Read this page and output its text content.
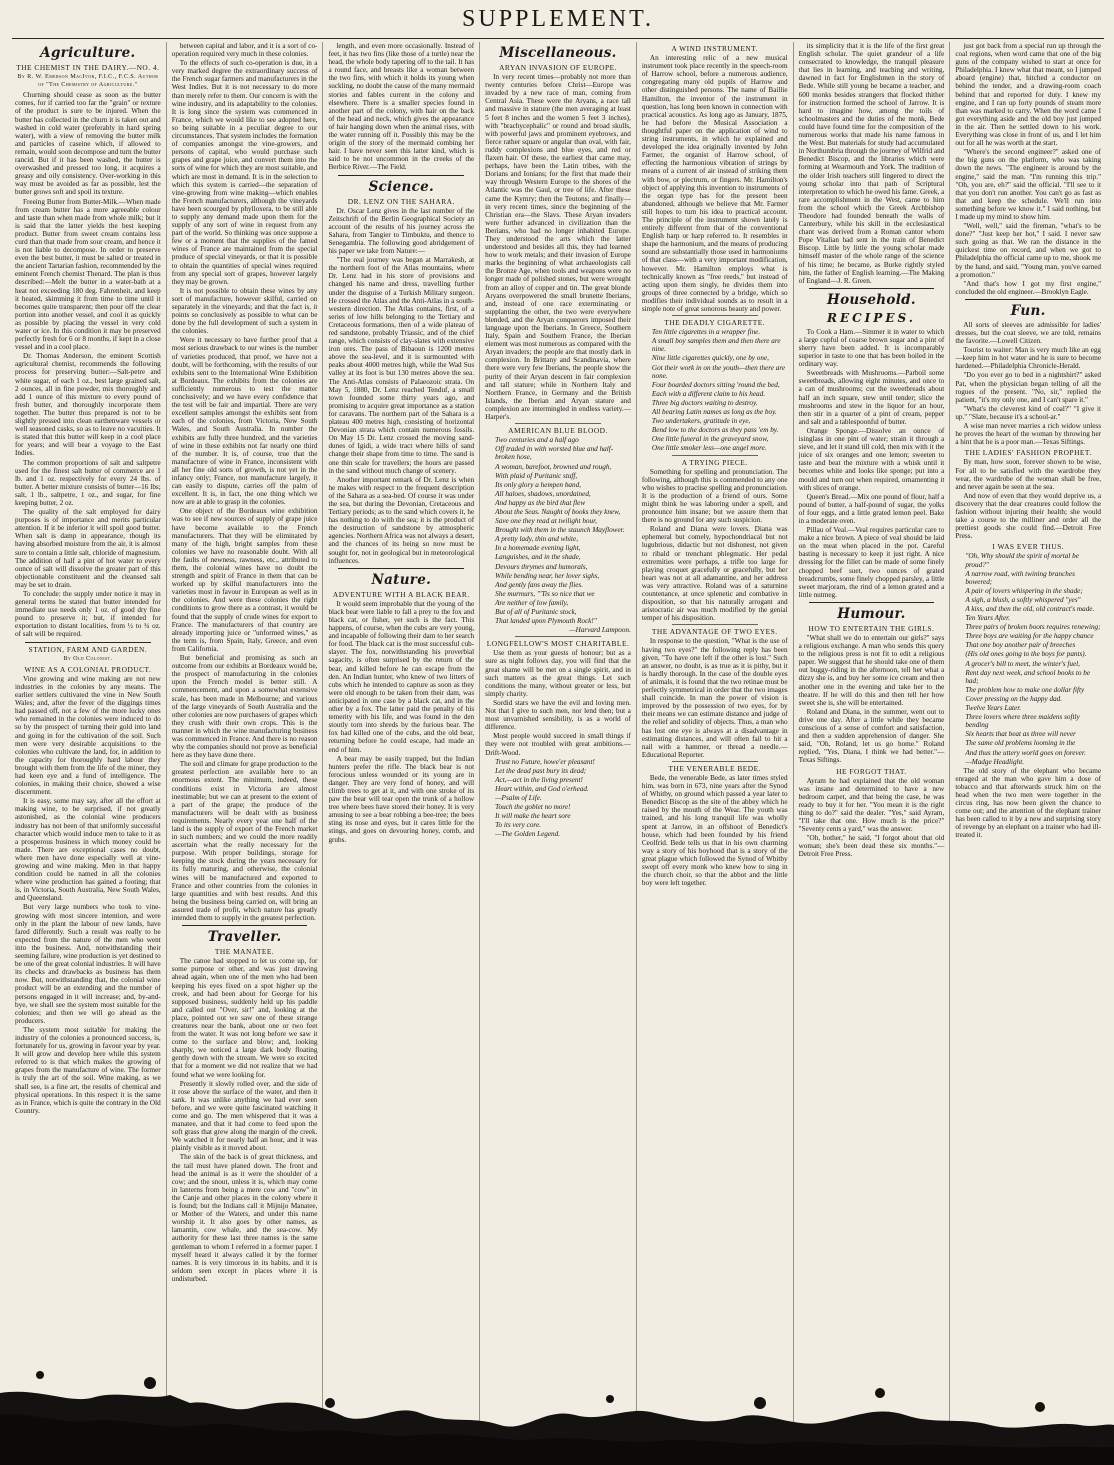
SUPPLEMENT.
Agriculture.
THE CHEMIST IN THE DAIRY.—NO. 4.
By R. W. Emerson MacIvor, F.I.C., F.C.S. Author of "The Chemistry of Agriculture."

Churning should cease as soon as the butter comes, for if carried too far the "grain" or texture of the product is sure to be injured. When the butter has collected in the churn it is taken out and washed in cold water (preferably in hard spring water), with a view of removing the butter milk and particles of caseine which, if allowed to remain, would soon decompose and turn the butter rancid. But if it has been washed, the butter is overwashed and pressed too long, it acquires a greasy and oily consistency. Over-working in this way must be avoided as far as possible, lest the butter grows soft and spoil its texture.

Freeing Butter from Butter-Milk.—When made from cream butter has a more agreeable colour and taste than when made from whole milk; but it is said that the latter yields the best keeping product. Butter from sweet cream contains less curd than that made from sour cream, and hence it is not liable to decompose. In order to preserve even the best butter, it must be salted or treated in the ancient Tartarian fashion, recommended by the eminent French chemist Thenard. The plan is thus described:—Melt the butter in a water-bath at a heat not exceeding 180 deg. Fahrenheit, and keep it heated, skimming it from time to time until it becomes quite transparent; then pour off the clear portion into another vessel, and cool it as quickly as possible by placing the vessel in very cold water or ice. In this condition it may be preserved perfectly fresh for 6 or 8 months, if kept in a close vessel and in a cool place.

Dr. Thomas Anderson, the eminent Scottish agricultural chemist, recommends the following process for preserving butter:—Salt-petre and white sugar, of each 1 oz., best large grained salt, 2 ounces, all in fine powder, mix thoroughly and add 1 ounce of this mixture to every pound of fresh butter, and thoroughly incorporate them together. The butter thus prepared is not to be slightly pressed into clean earthenware vessels or well seasoned casks, so as to leave no vacuities. It is stated that this butter will keep in a cool place for years; and will bear a voyage to the East Indies.

The common proportions of salt and saltpetre used for the finest salt butter of commerce are 1 lb. and 1 oz. respectively for every 24 lbs. of butter. A better mixture consists of butter—16 lbs; salt, 1 lb., saltpetre, 1 oz., and sugar, for fine keeping butter, 2 oz.

The quality of the salt employed for dairy purposes is of importance and merits particular attention. If it be inferior it will spoil good butter. When salt is damp in appearance, though its having absorbed moisture from the air, it is almost sure to contain a little salt, chloride of magnesium. The addition of half a pint of hot water to every ounce of salt will dissolve the greater part of this objectionable constituent and the cleansed salt may be set to drain.

To conclude: the supply under notice it may in general terms be stated that butter intended for immediate use needs only 1 oz. of good dry fine pound to preserve it; but, if intended for exportation to distant localities, from ½ to ¾ oz. of salt will be required.

STATION, FARM AND GARDEN.
By Old Colonist.
WINE AS A COLONIAL PRODUCT.

Vine growing and wine making are not new industries in the colonies by any means. The earlier settlers cultivated the vine in New South Wales; and, after the fever of the diggings times had passed off, not a few of the more lucky ones who remained in the colonies were induced to do so by the prospect of turning their gold into land and going in for the cultivation of the soil. Such men were very desirable acquisitions to the colonies who cultivate the land, for, in addition to the capacity for thoroughly hard labour they brought with them from the life of the miner, they had keen eye and a fund of intelligence. The colonies, in making their choice, showed a wise discernment.

It is easy, some may say, after all the effort at making wine, to be surprised, if not greatly astonished, as the colonial wine producers industry has not been of that uniformly successful character which would induce men to take to it as a prosperous business in which money could be made. There are exceptional cases no doubt, where men have done especially well at vine-growing and wine making. Men in that happy condition could be named in all the colonies where wine production has gained a footing; that is, in Victoria, South Australia, New South Wales, and Queensland.

But very large numbers who took to vine-growing with most sincere intention, and were only in the plant the labour of new lands, have fared differently. Such a result was really to be expected from the nature of the men who went into the business. And, notwithstanding their seeming failure, wine production is yet destined to be one of the great colonial industries. It will have its checks and drawbacks as business has them now. But, notwithstanding that, the colonial wine product will be an extending and the number of persons engaged in it will increase; and, by-and-bye, we shall see the system most suitable for the colonies; and then we will go ahead as the producers.

The system most suitable for making the industry of the colonies a pronounced success, is, fortunately for us, growing in favour year by year. It will grow and develop here while this system referred to is that which makes the growing of grapes from the manufacture of wine. The former is truly the art of the soil. Wine making, as we shall see, is a fine art, the results of chemical and physical operations. In this respect it is the same as in France, which is quite the contrary in the Old Country.

between capital and labor, and it is a sort of co-operation required very much in these colonies.

To the effects of such co-operation is due, in a very marked degree the extraordinary success of the French sugar farmers and manufacturers in the West Indies. But it is not necessary to do more than merely refer to them. Our concern is with the wine industry, and its adaptability to the colonies. It is long since the system was commenced in France, which we would like to see adopted here, so being suitable in a peculiar degree to our circumstances. That system includes the formation of companies amongst the vine-growers, and persons of capital, who would purchase such grapes and grape juice, and convert them into the sorts of wine for which they are most suitable, and which are most in demand. It is in the selection to which this system is carried—the separation of vine-growing from wine making—which enables the French manufacturers, although the vineyards have been scourged by phylloxera, to be still able to supply any demand made upon them for the supply of any sort of wine in request from any part of the world. So thinking was once suppose a few or a moment that the supplies of the famed wines of France are maintained from the special produce of special vineyards, or that it is possible to obtain the quantities of special wines required from any special sort of grapes, however largely they may be grown.

It is not possible to obtain these wines by any sort of manufacture, however skilful, carried on separately in the vineyards; and that the fact is, it points so conclusively as possible to what can be done by the full development of such a system in the colonies.

Were it necessary to have further proof that a most serious drawback to our wines is the number of varieties produced, that proof, we have not a doubt, will be forthcoming, with the results of our exhibits sent to the International Wine Exhibition at Bordeaux. The exhibits from the colonies are sufficiently numerous to test the matter conclusively; and we have every confidence that the test will be fair and impartial. There are very excellent samples amongst the exhibits sent from each of the colonies, from Victoria, New South Wales, and South Australia. In number the exhibits are fully three hundred, and the varieties of wine in these exhibits not far nearly one third of the number. It is, of course, true that the manufacture of wine in France, inconsistent with all her fine old sorts of growth, is not yet in the infancy only; France, not manufacture largely, it can easily to dispute, carries off the palm of excellent. It is, in fact, the one thing which we now are at able to grasp in the colonies.

One object of the Bordeaux wine exhibition was to see if new sources of supply of grape juice have become available to the French manufacturers. That they will be eliminated by many of the high, bright samples from these colonies we have no reasonable doubt. With all the faults of newness, rawness, etc., attributed to them, the colonial wines have no doubt the strength and spirit of France in them that can be worked up by skilful manufacturers into the varieties most in favour in European as well as in the colonies. And were these colonies the right conditions to grow there as a contrast, it would be found that the supply of crude wines for export to France. The manufacturers of that country are already importing juice or "unformed wines," as the term is, from Spain, Italy, Greece, and even from California.

But beneficial and promising as such an outcome from our exhibits at Bordeaux would be, the prospect of manufacturing in the colonies upon the French model is better still. A commencement, and upon a somewhat extensive scale, has been made in Melbourne; and various of the large vineyards of South Australia and the other colonies are now purchasers of grapes which they crush with their own crops. This is the manner in which the wine manufacturing business was commenced in France. And there is no reason why the companies should not prove as beneficial here as they have done there.

The soil and climate for grape production to the greatest perfection are available here to an enormous extent. The minimum, indeed, these conditions exist in Victoria are almost inestimable; but we can at present to the extent of a part of the grape; the produce of the manufacturers will be dealt with as business requirements. Nearly every year one half of the land is the supply of export of the French market in such numbers; and we could the more readily ascertain what the really necessary for the purpose. With proper buildings, storage for keeping the stock during the years necessary for its fully maturing, and otherwise, the colonial wines will be manufactured and exported to France and other countries from the colonies in large quantities and with best results. And this being the business being carried on, will bring an assured trade of profit, which nature has greatly intended them to supply in the greatest perfection.

Traveller.
THE MANATEE.

The canoe had stopped to let us come up, for some purpose or other, and was just drawing ahead again, when one of the men who had been keeping his eyes fixed on a spot higher up the creek, and had been about for George for his supposed business, suddenly held up his paddle and called out "Over, sir!" and, looking at the place, pointed out we saw one of these strange creatures near the bank, about one or two feet from the water. It was not long before we saw it come to the surface and blow; and, looking sharply, we noticed a large dark body floating gently down with the stream. We were so excited that for a moment we did not realize that we had found what we were looking for.

Presently it slowly rolled over, and the side of it rose above the surface of the water, and then it sank. It was unlike anything we had ever seen before, and we were quite fascinated watching it come and go. The men whispered that it was a manatee, and that it had come to feed upon the soft grass that grew along the margin of the creek. We watched it for nearly half an hour, and it was plainly visible as it moved about.

The skin of the back is of great thickness, and the tail must have planed down. The front and head the animal is as it were the shoulder of a cow; and the snout, unless it is, which may come in lanterns from being a mere cow and "cow" in the Canje and other places in the colony where it is found; but the Indians call it Mijnijo Manatee, or Mother of the Waters, and under this name worship it. It also goes by other names, as lamantin, cow whale, and the sea-cow. My authority for these last three names is the same gentleman to whom I referred in a former paper. I myself heard it always called it by the former names. It is very timorous in its habits, and it is seldom seen except in places where it is undisturbed.

length, and even more occasionally. Instead of feet, it has two fins (like those of a turtle) near the head, the whole body tapering off to the tail. It has a round face, and breasts like a woman between the two fins, with which it holds its young when suckling, no doubt the cause of the many mermaid stories and fables current in the colony and elsewhere. There is a smaller species found in another part of the colony, with hair on the back of the head and neck, which gives the appearance of hair hanging down when the animal rises, with the water running off it. Possibly this may be the origin of the story of the mermaid combing her hair. I have never seen this latter kind, which is said to be not uncommon in the creeks of the Berbice River.—The Field.

Science.
DR. LENZ ON THE SAHARA.

Dr. Oscar Lenz gives in the last number of the Zeitschrift of the Berlin Geographical Society an account of the results of his journey across the Sahara, from Tangier to Timbuktu, and thence to Senegambia. The following good abridgement of his paper we take from Nature:—

"The real journey was began at Marrakesh, at the northern foot of the Atlas mountains, where Dr. Lenz had in his store of provisions and changed his name and dress, travelling further under the disguise of a Turkish Military surgeon. He crossed the Atlas and the Anti-Atlas in a south-western direction. The Atlas contains, first, of a series of low hills belonging to the Tertiary and Cretaceous formations, then of a wide plateau of red sandstone, probably Triassic, and of the chief range, which consists of clay-slates with extensive iron ores. The pass of Bibaoun is 1200 metres above the sea-level, and it is surmounted with peaks about 4000 metres high, while the Wad Sus valley at its foot is but 130 metres above the sea. The Anti-Atlas consists of Palaeozoic strata. On May 5, 1880, Dr. Lenz reached Tenduf, a small town founded some thirty years ago, and promising to acquire great importance as a station for caravans. The northern part of the Sahara is a plateau 400 metres high, consisting of horizontal Devonian strata which contain numerous fossils. On May 15 Dr. Lenz crossed the moving sand-dunes of Igidi, a wide tract where hills of sand change their shape from time to time. The sand is one thin scale for travellers; the hours are passed in the sand without much change of scenery.

Another important remark of Dr. Lenz is when he makes with respect to the frequent description of the Sahara as a sea-bed. Of course it was under the sea, but during the Devonian, Cretaceous and Tertiary periods; as to the sand which covers it, he has nothing to do with the sea; it is the product of the destruction of sandstone by atmospheric agencies. Northern Africa was not always a desert, and the chances of its being so now must be sought for, not in geological but in meteorological influences.

Nature.
ADVENTURE WITH A BLACK BEAR.

It would seem improbable that the young of the black bear were liable to fall a prey to the fox and black cat, or fisher, yet such is the fact. This happens, of course, when the cubs are very young, and incapable of following their dam to her search for food. The black cat is the most successful cub-slayer. The fox, notwithstanding his proverbial sagacity, is often surprised by the return of the bear, and killed before he can escape from the den. An Indian hunter, who knew of two litters of cubs which he intended to capture as soon as they were old enough to be taken from their dam, was anticipated in one case by a black cat, and in the other by a fox. The latter paid the penalty of his temerity with his life, and was found in the den stoutly torn into shreds by the furious bear. The fox had killed one of the cubs, and the old bear, returning before he could escape, had made an end of him.

A bear may be easily trapped, but the Indian hunters prefer the rifle. The black bear is not ferocious unless wounded or its young are in danger. They are very fond of honey, and will climb trees to get at it, and with one stroke of its paw the bear will tear open the trunk of a hollow tree where bees have stored their honey. It is very amusing to see a bear robbing a bee-tree; the bees sting its nose and eyes, but it cares little for the stings, and goes on devouring honey, comb, and grubs.

Miscellaneous.
ARYAN INVASION OF EUROPE.

In very recent times—probably not more than twenty centuries before Christ—Europe was invaded by a new race of man, coming from Central Asia. These were the Aryans, a race tall and massive in stature (the men averaging at least 5 feet 8 inches and the women 5 feet 3 inches), with "brachycephalic" or round and broad skulls, with powerful jaws and prominent eyebrows, and fierce rather square or angular than oval, with fair, ruddy complexions and blue eyes, and red or flaxen hair. Of these, the earliest that came may, perhaps, have been the Latin tribes, with the Dorians and Ionians; for the first that made their way through Western Europe to the shores of the Atlantic was the Gaul, or tree of life. After these came the Kymry; then the Teutons; and finally—in very recent times, since the beginning of the Christian era—the Slavs. These Aryan invaders were further advanced in civilization than the Iberians, who had no longer inhabited Europe. They understood the arts which the latter understood and besides all this, they had learned how to work metals; and their invasion of Europe marks the beginning of what archaeologists call the Bronze Age, when tools and weapons were no longer made of polished stones, but were wrought from an alloy of copper and tin. The great blonde Aryans overpowered the small brunette Iberians, and, instead of one race exterminating or supplanting the other, the two were everywhere blended, and the Aryan conquerors imposed their language upon the Iberians. In Greece, Southern Italy, Spain and Southern France, the Iberian element was most numerous as compared with the Aryan invaders; the people are that mostly dark in complexion. In Brittany and Scandinavia, where there were very few Iberians, the people show the purity of their Aryan descent in fair complexion and tall stature; while in Northern Italy and Northern France, in Germany and the British Islands, the Iberian and Aryan stature and complexion are intermingled in endless variety.—Harper's.

AMERICAN BLUE BLOOD.

Two centuries and a half ago

Off traded in with worsted blue and half-broken hose,

A woman, barefoot, browned and rough,

With plaid of Puritanic stuff,

Its only glory a hempen band,

All haloes, shadows, unordained,

And happy as the bird that flew

About the Seas. Naught of books they knew,

Save one they read at twilight hour,

Brought with them in the staunch Mayflower.

A pretty lady, thin and white,

In a homemade evening light,

Languishes, and in the shade,

Devours thrymes and humorals,

While bending near, her lover sighs,

And gently fans away the flies.

She murmurs, "'Tis so nice that we

Are neither of low family,

But of all of Puritanic stock,

That landed upon Plymouth Rock!"

—Harvard Lampoon.
LONGFELLOW'S MOST CHARITABLE.

Use them as your guests of honour; but as a sure as night follows day, you will find that the great shame will be met on a single spirit, and in such matters as the great things. Let such conditions the many, without greater or less, but simply charity.

Sordid stars we have the evil and loving men. Not that I give to such men, nor lend then; but a most unvarnished sensibility, is as a world of difference.

Most people would succeed in small things if they were not troubled with great ambitions.—Drift-Wood.

Trust no Future, howe'er pleasant!

Let the dead past bury its dead;

Act,—act in the living present!

Heart within, and God o'erhead.

—Psalm of Life.

Touch the goblet no more!

It will make the heart sore

To its very core.

—The Golden Legend.

A WIND INSTRUMENT.

An interesting relic of a new musical instrument took place recently in the speech-room of Harrow school, before a numerous audience, congregating many old pupils of Harrow and other distinguished persons. The name of Baillie Hamilton, the inventor of the instrument in question, has long been known in connection with practical acoustics. As long ago as January, 1875, he had before the Musical Association a thoughtful paper on the application of wind to string instruments, in which he explained and developed the idea originally invented by John Farmer, the organist of Harrow school, of effecting the harmonious vibration of strings by means of a current of air instead of striking them with bow, or plectrum, or fingers. Mr. Hamilton's object of applying this invention to instruments of the organ type has for the present been abandoned, although we believe that Mr. Farmer still hopes to turn his idea to practical account. The principle of the instrument shown lately is entirely different from that of the conventional English harp or harp referred to. It resembles in shape the harmonium, and the means of producing sound are substantially those used in harmoniums of that class—with a very important modification, however. Mr. Hamilton employs what is technically known as "free reeds," but instead of acting upon them singly, he divides them into groups of three connected by a bridge, which so modifies their individual sounds as to result in a simple note of great sonorous beauty and power.

THE DEADLY CIGARETTE.

Ten little cigarettes in a wrapper fine.

A small boy samples them and then there are nine.

Nine little cigarettes quickly, one by one,

Got their work in on the youth—then there are none.

Four boarded doctors sitting 'round the bed,

Each with a different claim to his head.

Three big doctors waiting to destroy.

All bearing Latin names as long as the boy.

Two undertakers, gratitude in eye,

Bend low to the doctors as they pass 'em by.

One little funeral in the graveyard snow,

One little smoker less—one angel more.

A TRYING PIECE.

Something for spelling and pronunciation. The following, although this is commended to any one who wishes to practise spelling and pronunciation. It is the production of a friend of ours. Some might think he was laboring under a spell, and pronounce him insane; but we assure them that there is no ground for any such suspicion.

Roland and Diana were lovers. Diana was ephemeral but comely, hypochondriacal but not lugubrious, didactic but not dishonest, not given to ribald or trenchant phlegmatic. Her pedal extremities were perhaps, a trifle too large for playing croquet gracefully or gracefully, but her heart was not at all adamantine, and her address was very attractive. Roland was of a saturnine countenance, at once splenetic and combative in disposition, so that his naturally arrogant and aristocratic air was much modified by the genial temper of his disposition.

THE ADVANTAGE OF TWO EYES.

In response to the question, "What is the use of having two eyes?" the following reply has been given, "To have one left if the other is lost." Such an answer, no doubt, is as true as it is pithy, but it is hardly thorough. In the case of the double eyes of animals, it is found that the two retinae must be perfectly symmetrical in order that the two images shall coincide. In man the power of vision is improved by the possession of two eyes, for by their means we can estimate distance and judge of the relief and solidity of objects. Thus, a man who has lost one eye is always at a disadvantage in estimating distances, and will often fail to hit a nail with a hammer, or thread a needle.—Educational Reporter.

THE VENERABLE BEDE.

Bede, the venerable Bede, as later times styled him, was born in 673, nine years after the Synod of Whitby, on ground which passed a year later to Benedict Biscop as the site of the abbey which he raised by the mouth of the Wear. The youth was trained, and his long tranquil life was wholly spent at Jarrow, in an offshoot of Benedict's house, which had been founded by his friend Ceolfrid. Bede tells us that in his own charming way a story of his boyhood that is a story of the great plague which followed the Synod of Whitby swept off every monk who knew how to sing in the church choir, so that the abbot and the little boy were left together.

its simplicity that it is the life of the first great English scholar. The quiet grandeur of a life consecrated to knowledge, the tranquil pleasure that lies in learning, and teaching and writing, dawned in fact for Englishmen in the story of Bede. While still young he became a teacher, and 600 monks besides strangers that flocked thither for instruction formed the school of Jarrow. It is hard to imagine how, among the toils of schoolmasters and the duties of the monk, Bede could have found time for the composition of the numerous works that made his name famous in the West. But materials for study had accumulated in Northumbria through the journey of Wilfrid and Benedict Biscop, and the libraries which were forming at Wearmouth and York. The tradition of the older Irish teachers still lingered to direct the young scholar into that path of Scriptural interpretation to which he owed his fame. Greek, a rare accomplishment in the West, came to him from the school which the Greek Archbishop Theodore had founded beneath the walls of Canterbury, while his skill in the ecclesiastical chant was derived from a Roman cantor whom Pope Vitalian had sent in the train of Benedict Biscop. Little by little the young scholar made himself master of the whole range of the science of his time; he became, as Burke rightly styled him, the father of English learning.—The Making of England—J. R. Green.

Household.
RECIPES.

To Cook a Ham.—Simmer it in water to which a large cupful of coarse brown sugar and a pint of sherry have been added. It is incomparably superior in taste to one that has been boiled in the ordinary way.

Sweetbreads with Mushrooms.—Parboil some sweetbreads, allowing eight minutes, and once to a can of mushrooms; cut the sweetbreads about half an inch square, stew until tender; slice the mushrooms and stew in the liquor for an hour, then stir in a quarter of a pint of cream, pepper and salt and a tablespoonful of butter.

Orange Sponge.—Dissolve an ounce of isinglass in one pint of water; strain it through a sieve, and let it stand till cold, then mix with it the juice of six oranges and one lemon; sweeten to taste and beat the mixture with a whisk until it becomes white and looks like sponge; put into a mould and turn out when required, ornamenting it with slices of orange.

Queen's Bread.—Mix one pound of flour, half a pound of butter, a half-pound of sugar, the yolks of four eggs, and a little grated lemon peel. Bake in a moderate oven.

Pillau of Veal.—Veal requires particular care to make a nice brown. A piece of veal should be laid on the meat when placed in the pot. Careful basting is necessary to keep it just right. A nice dressing for the fillet can be made of some finely chopped beef suet, two ounces of grated breadcrumbs, some finely chopped parsley, a little sweet marjoram, the rind of a lemon grated and a little nutmeg.

Humour.
HOW TO ENTERTAIN THE GIRLS.

"What shall we do to entertain our girls?" says a religious exchange. A man who sends this query to the religious press is not fit to edit a religious paper. We suggest that he should take one of them out buggy-riding in the afternoon, tell her what a dizzy she is, and buy her some ice cream and then another one in the evening and take her to the theatre. If he will do this and then tell her how sweet she is, she will be entertained.

Roland and Diana, in the summer, went out to drive one day. After a little while they became conscious of a sense of comfort and satisfaction, and then a sudden apprehension of danger. She said, "Oh, Roland, let us go home." Roland replied, "Yes, Diana, I think we had better."—Texas Siftings.

HE FORGOT THAT.

Ayram he had explained that the old woman was insane and determined to have a new bedroom carpet, and that being the case, he was ready to buy it for her. "You mean it is the right thing to do?" said the dealer. "Yes," said Ayram, "I'll take that one. How much is the price?" "Seventy cents a yard," was the answer.

"Oh, bother," he said, "I forgot about that old woman; she's been dead these six months."—Detroit Free Press.

just got back from a special run up through the coal regions, when word came that one of the big guns of the company wished to start at once for Philadelphia. I knew what that meant, so I jumped aboard (engine) that, hitched a conductor on behind the tender, and a drawing-room coach behind that and reported for duty. I knew my engine, and I ran up forty pounds of steam more than was marked to carry. When the word came I got everything aside and the old boy just jumped in the air. Then he settled down to his work. Everything was close in front of us, and I let him out for all he was worth at the start.

"Where's the second engineer?" asked one of the big guns on the platform, who was taking down the news. "The engineer is around by the engine," said the man. "I'm running this trip." "Oh, you are, eh?" said the official. "I'll see to it that you don't run another. You can't go as fast as that and keep the schedule. We'll run into something before we know it." I said nothing, but I made up my mind to show him.

"Well, well," said the fireman, "what's to be done?" "Just keep her hot," I said. I never saw such going as that. We ran the distance in the quickest time on record, and when we got to Philadelphia the official came up to me, shook me by the hand, and said, "Young man, you've earned a promotion."

"And that's how I got my first engine," concluded the old engineer.—Brooklyn Eagle.

Fun.

All sorts of sleeves are admissible for ladies' dresses, but the coat sleeve, we are told, remains the favorite.—Lowell Citizen.

Tourist to waiter: Man is very much like an egg—keep him in hot water and he is sure to become hardened.—Philadelphia Chronicle-Herald.

"Do you ever go to bed in a nightshirt?" asked Pat, when the physician began telling of all the rogues of the present. "No, sir," replied the patient, "it's my only one, and I can't spare it."

"What's the cleverest kind of coal?" "I give it up." "Slate, because it's a school-ar."

A wise man never marries a rich widow unless he proves the heart of the woman by throwing her a hint that he is a poor man.—Texas Siftings.

THE LADIES' FASHION PROPHET.

By man, how soon, forever shown to be wise, For all to be satisfied with the wardrobe they wear, the wardrobe of the woman shall be free, and never again be seen at the sea.

And now of even that they would deprive us, a discovery that the dear creatures could follow the fashion without injuring their health; she would take a course to the milliner and order all the prettiest goods she could find.—Detroit Free Press.

I WAS EVER THUS.

"Oh, Why should the spirit of mortal be proud?"

A narrow road, with twining branches bowered;

A pair of lovers whispering in the shade;

A sigh, a blush, a softly whispered "yes"

A kiss, and then the old, old contract's made.

Ten Years After.

Three pairs of broken boots requires renewing;

Three boys are waiting for the happy chance

That one boy another pair of breeches

(His old ones going to the boys for pants).

A grocer's bill to meet, the winter's fuel,

Rent day next week, and school books to be had;

The problem how to make one dollar fifty

Cover pressing on the happy dad.

Twelve Years Later.

Three lovers where three maidens softly bending

Six hearts that beat as three will never

The same old problems looming in the

And thus the uttery world goes on forever.

—Madge Headlight.

The old story of the elephant who became enraged at the man who gave him a dose of tobacco and that afterwards struck him on the head when the two men were together in the circus ring, has now been given the chance to come out; and the attention of the elephant trainer has been called to it by a new and surprising story of revenge by an elephant on a trainer who had ill-treated it.
